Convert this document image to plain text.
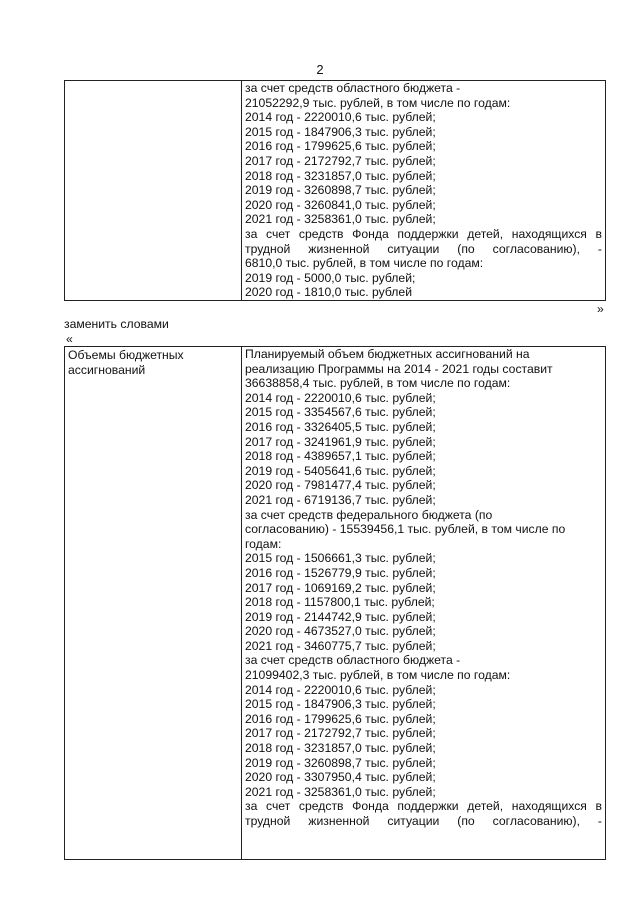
2
за счет средств областного бюджета -
21052292,9 тыс. рублей, в том числе по годам:
2014 год - 2220010,6 тыс. рублей;
2015 год - 1847906,3 тыс. рублей;
2016 год - 1799625,6 тыс. рублей;
2017 год - 2172792,7 тыс. рублей;
2018 год - 3231857,0 тыс. рублей;
2019 год - 3260898,7 тыс. рублей;
2020 год - 3260841,0 тыс. рублей;
2021 год - 3258361,0 тыс. рублей;
за счет средств Фонда поддержки детей, находящихся в
трудной жизненной ситуации (по согласованию), -
6810,0 тыс. рублей, в том числе по годам:
2019 год - 5000,0 тыс. рублей;
2020 год - 1810,0 тыс. рублей
»
заменить словами
«
Объемы бюджетных
ассигнований
Планируемый объем бюджетных ассигнований на
реализацию Программы на 2014 - 2021 годы составит
36638858,4 тыс. рублей, в том числе по годам:
2014 год - 2220010,6 тыс. рублей;
2015 год - 3354567,6 тыс. рублей;
2016 год - 3326405,5 тыс. рублей;
2017 год - 3241961,9 тыс. рублей;
2018 год - 4389657,1 тыс. рублей;
2019 год - 5405641,6 тыс. рублей;
2020 год - 7981477,4 тыс. рублей;
2021 год - 6719136,7 тыс. рублей;
за счет средств федерального бюджета (по
согласованию) - 15539456,1 тыс. рублей, в том числе по
годам:
2015 год - 1506661,3 тыс. рублей;
2016 год - 1526779,9 тыс. рублей;
2017 год - 1069169,2 тыс. рублей;
2018 год - 1157800,1 тыс. рублей;
2019 год - 2144742,9 тыс. рублей;
2020 год - 4673527,0 тыс. рублей;
2021 год - 3460775,7 тыс. рублей;
за счет средств областного бюджета -
21099402,3 тыс. рублей, в том числе по годам:
2014 год - 2220010,6 тыс. рублей;
2015 год - 1847906,3 тыс. рублей;
2016 год - 1799625,6 тыс. рублей;
2017 год - 2172792,7 тыс. рублей;
2018 год - 3231857,0 тыс. рублей;
2019 год - 3260898,7 тыс. рублей;
2020 год - 3307950,4 тыс. рублей;
2021 год - 3258361,0 тыс. рублей;
за счет средств Фонда поддержки детей, находящихся в
трудной жизненной ситуации (по согласованию), -
